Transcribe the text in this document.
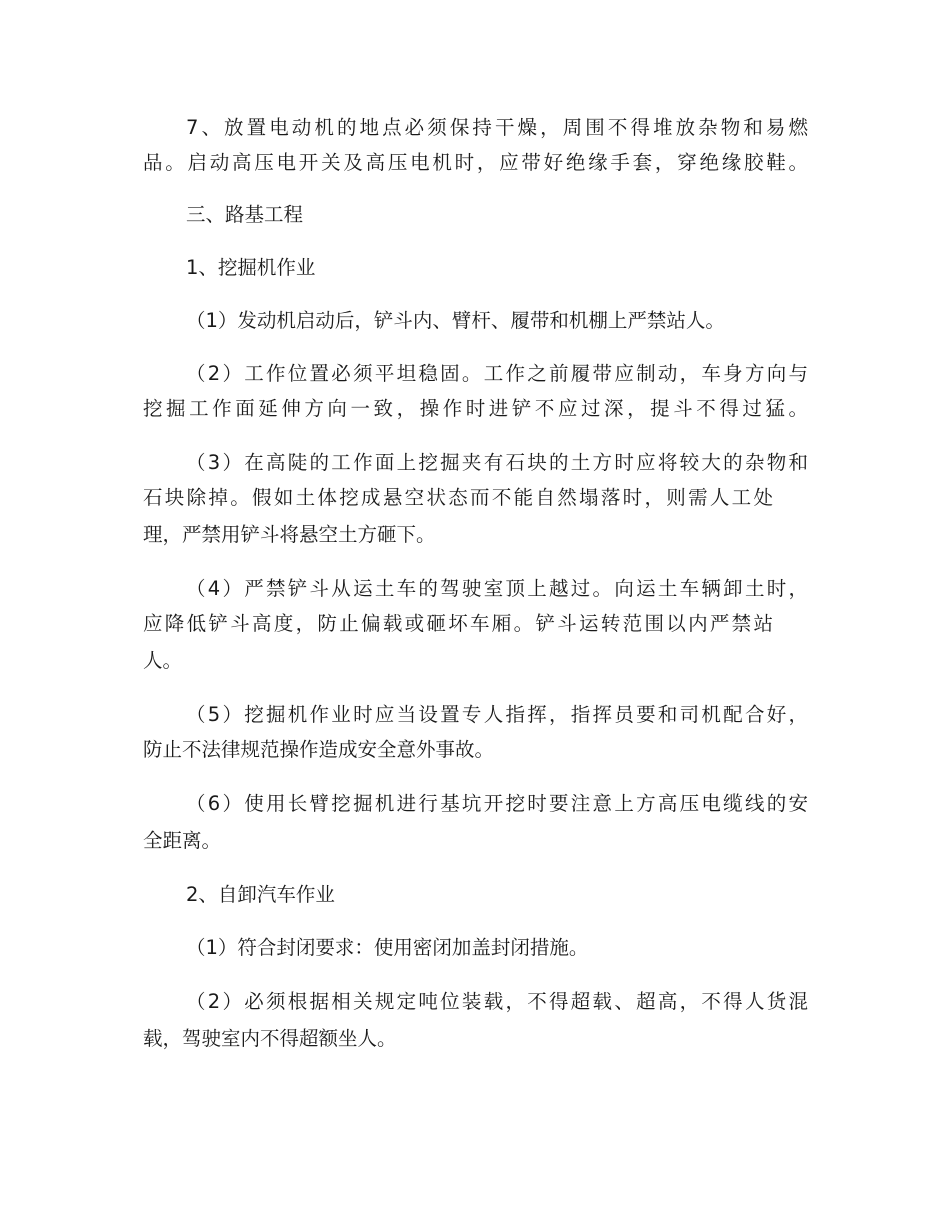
7、放置电动机的地点必须保持干燥，周围不得堆放杂物和易燃
品。启动高压电开关及高压电机时，应带好绝缘手套，穿绝缘胶鞋。
三、路基工程
1、挖掘机作业
（1）发动机启动后，铲斗内、臂杆、履带和机棚上严禁站人。
（2）工作位置必须平坦稳固。工作之前履带应制动，车身方向与
挖掘工作面延伸方向一致，操作时进铲不应过深，提斗不得过猛。
（3）在高陡的工作面上挖掘夹有石块的土方时应将较大的杂物和
石块除掉。假如土体挖成悬空状态而不能自然塌落时，则需人工处
理，严禁用铲斗将悬空土方砸下。
（4）严禁铲斗从运土车的驾驶室顶上越过。向运土车辆卸土时，
应降低铲斗高度，防止偏载或砸坏车厢。铲斗运转范围以内严禁站
人。
（5）挖掘机作业时应当设置专人指挥，指挥员要和司机配合好，
防止不法律规范操作造成安全意外事故。
（6）使用长臂挖掘机进行基坑开挖时要注意上方高压电缆线的安
全距离。
2、自卸汽车作业
（1）符合封闭要求：使用密闭加盖封闭措施。
（2）必须根据相关规定吨位装载，不得超载、超高，不得人货混
载，驾驶室内不得超额坐人。
